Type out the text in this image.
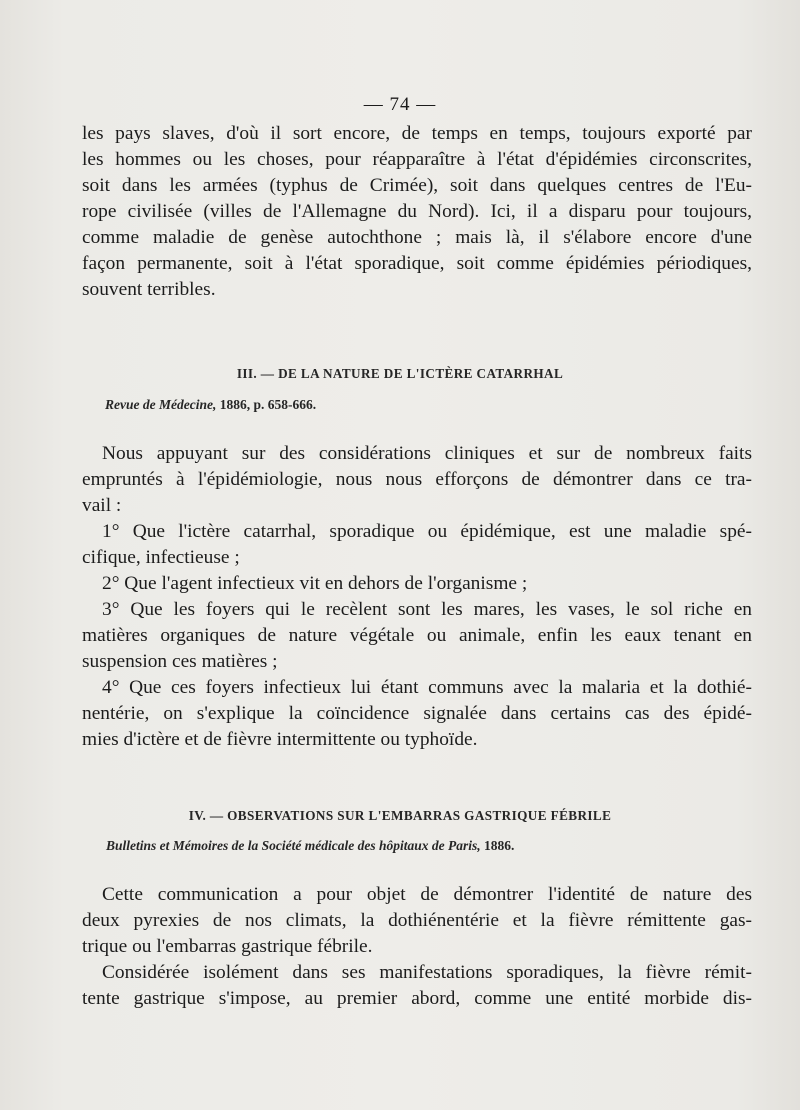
— 74 —
les pays slaves, d'où il sort encore, de temps en temps, toujours exporté par
les hommes ou les choses, pour réapparaître à l'état d'épidémies circonscrites,
soit dans les armées (typhus de Crimée), soit dans quelques centres de l'Eu-
rope civilisée (villes de l'Allemagne du Nord). Ici, il a disparu pour toujours,
comme maladie de genèse autochthone ; mais là, il s'élabore encore d'une
façon permanente, soit à l'état sporadique, soit comme épidémies périodiques,
souvent terribles.
III. — DE LA NATURE DE L'ICTÈRE CATARRHAL
Revue de Médecine, 1886, p. 658-666.
Nous appuyant sur des considérations cliniques et sur de nombreux faits
empruntés à l'épidémiologie, nous nous efforçons de démontrer dans ce tra-
vail :
1° Que l'ictère catarrhal, sporadique ou épidémique, est une maladie spé-
cifique, infectieuse ;
2° Que l'agent infectieux vit en dehors de l'organisme ;
3° Que les foyers qui le recèlent sont les mares, les vases, le sol riche en
matières organiques de nature végétale ou animale, enfin les eaux tenant en
suspension ces matières ;
4° Que ces foyers infectieux lui étant communs avec la malaria et la dothié-
nentérie, on s'explique la coïncidence signalée dans certains cas des épidé-
mies d'ictère et de fièvre intermittente ou typhoïde.
IV. — OBSERVATIONS SUR L'EMBARRAS GASTRIQUE FÉBRILE
Bulletins et Mémoires de la Société médicale des hôpitaux de Paris, 1886.
Cette communication a pour objet de démontrer l'identité de nature des
deux pyrexies de nos climats, la dothiénentérie et la fièvre rémittente gas-
trique ou l'embarras gastrique fébrile.
Considérée isolément dans ses manifestations sporadiques, la fièvre rémit-
tente gastrique s'impose, au premier abord, comme une entité morbide dis-
